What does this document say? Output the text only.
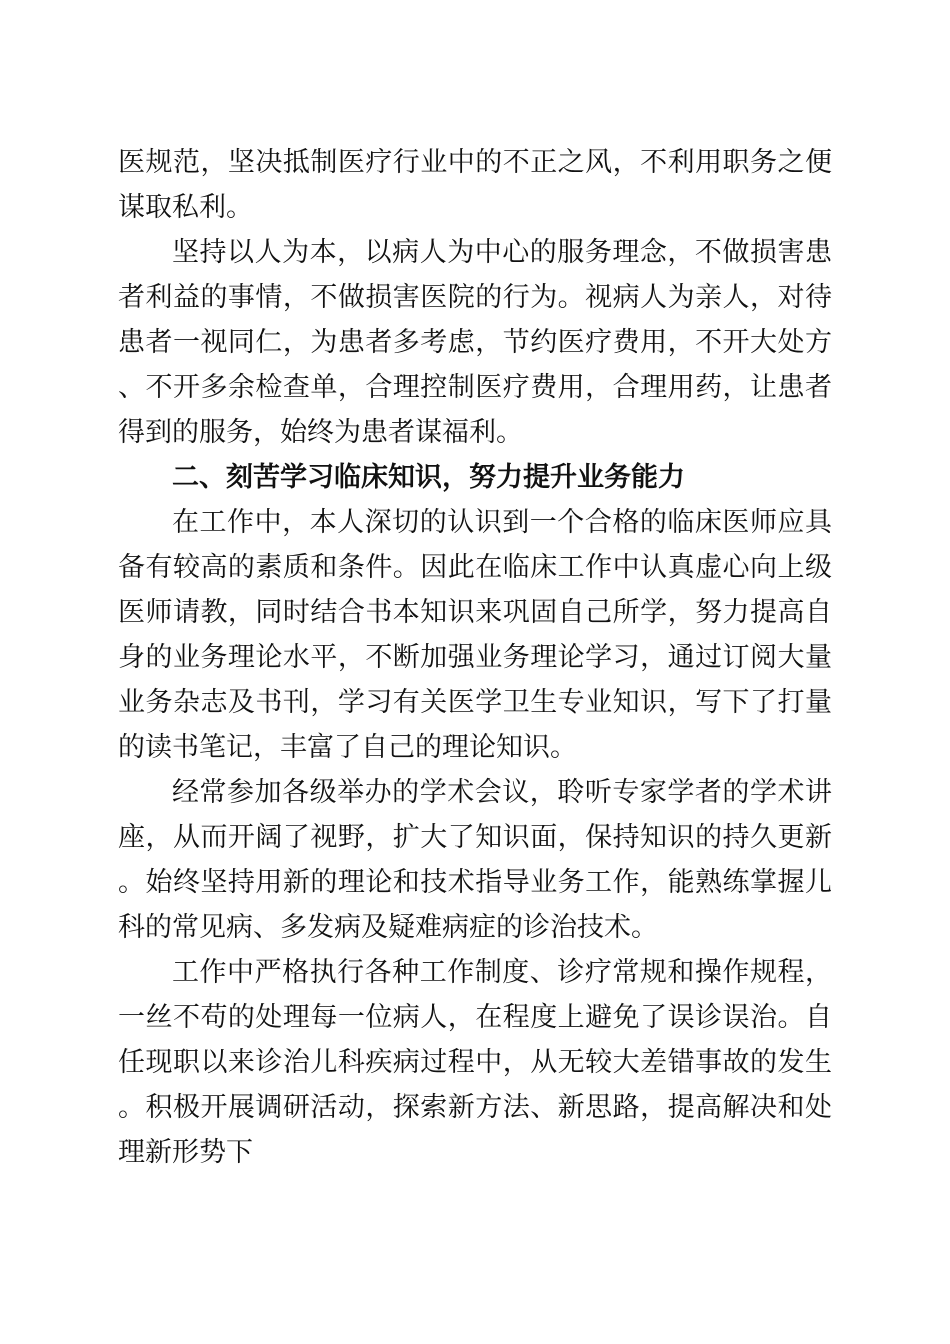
医规范，坚决抵制医疗行业中的不正之风，不利用职务之便谋取私利。

坚持以人为本，以病人为中心的服务理念，不做损害患者利益的事情，不做损害医院的行为。视病人为亲人，对待患者一视同仁，为患者多考虑，节约医疗费用，不开大处方、不开多余检查单，合理控制医疗费用，合理用药，让患者得到的服务，始终为患者谋福利。

二、刻苦学习临床知识，努力提升业务能力

在工作中，本人深切的认识到一个合格的临床医师应具备有较高的素质和条件。因此在临床工作中认真虚心向上级医师请教，同时结合书本知识来巩固自己所学，努力提高自身的业务理论水平，不断加强业务理论学习，通过订阅大量业务杂志及书刊，学习有关医学卫生专业知识，写下了打量的读书笔记，丰富了自己的理论知识。

经常参加各级举办的学术会议，聆听专家学者的学术讲座，从而开阔了视野，扩大了知识面，保持知识的持久更新。始终坚持用新的理论和技术指导业务工作，能熟练掌握儿科的常见病、多发病及疑难病症的诊治技术。

工作中严格执行各种工作制度、诊疗常规和操作规程，一丝不苟的处理每一位病人，在程度上避免了误诊误治。自任现职以来诊治儿科疾病过程中，从无较大差错事故的发生。积极开展调研活动，探索新方法、新思路，提高解决和处理新形势下
